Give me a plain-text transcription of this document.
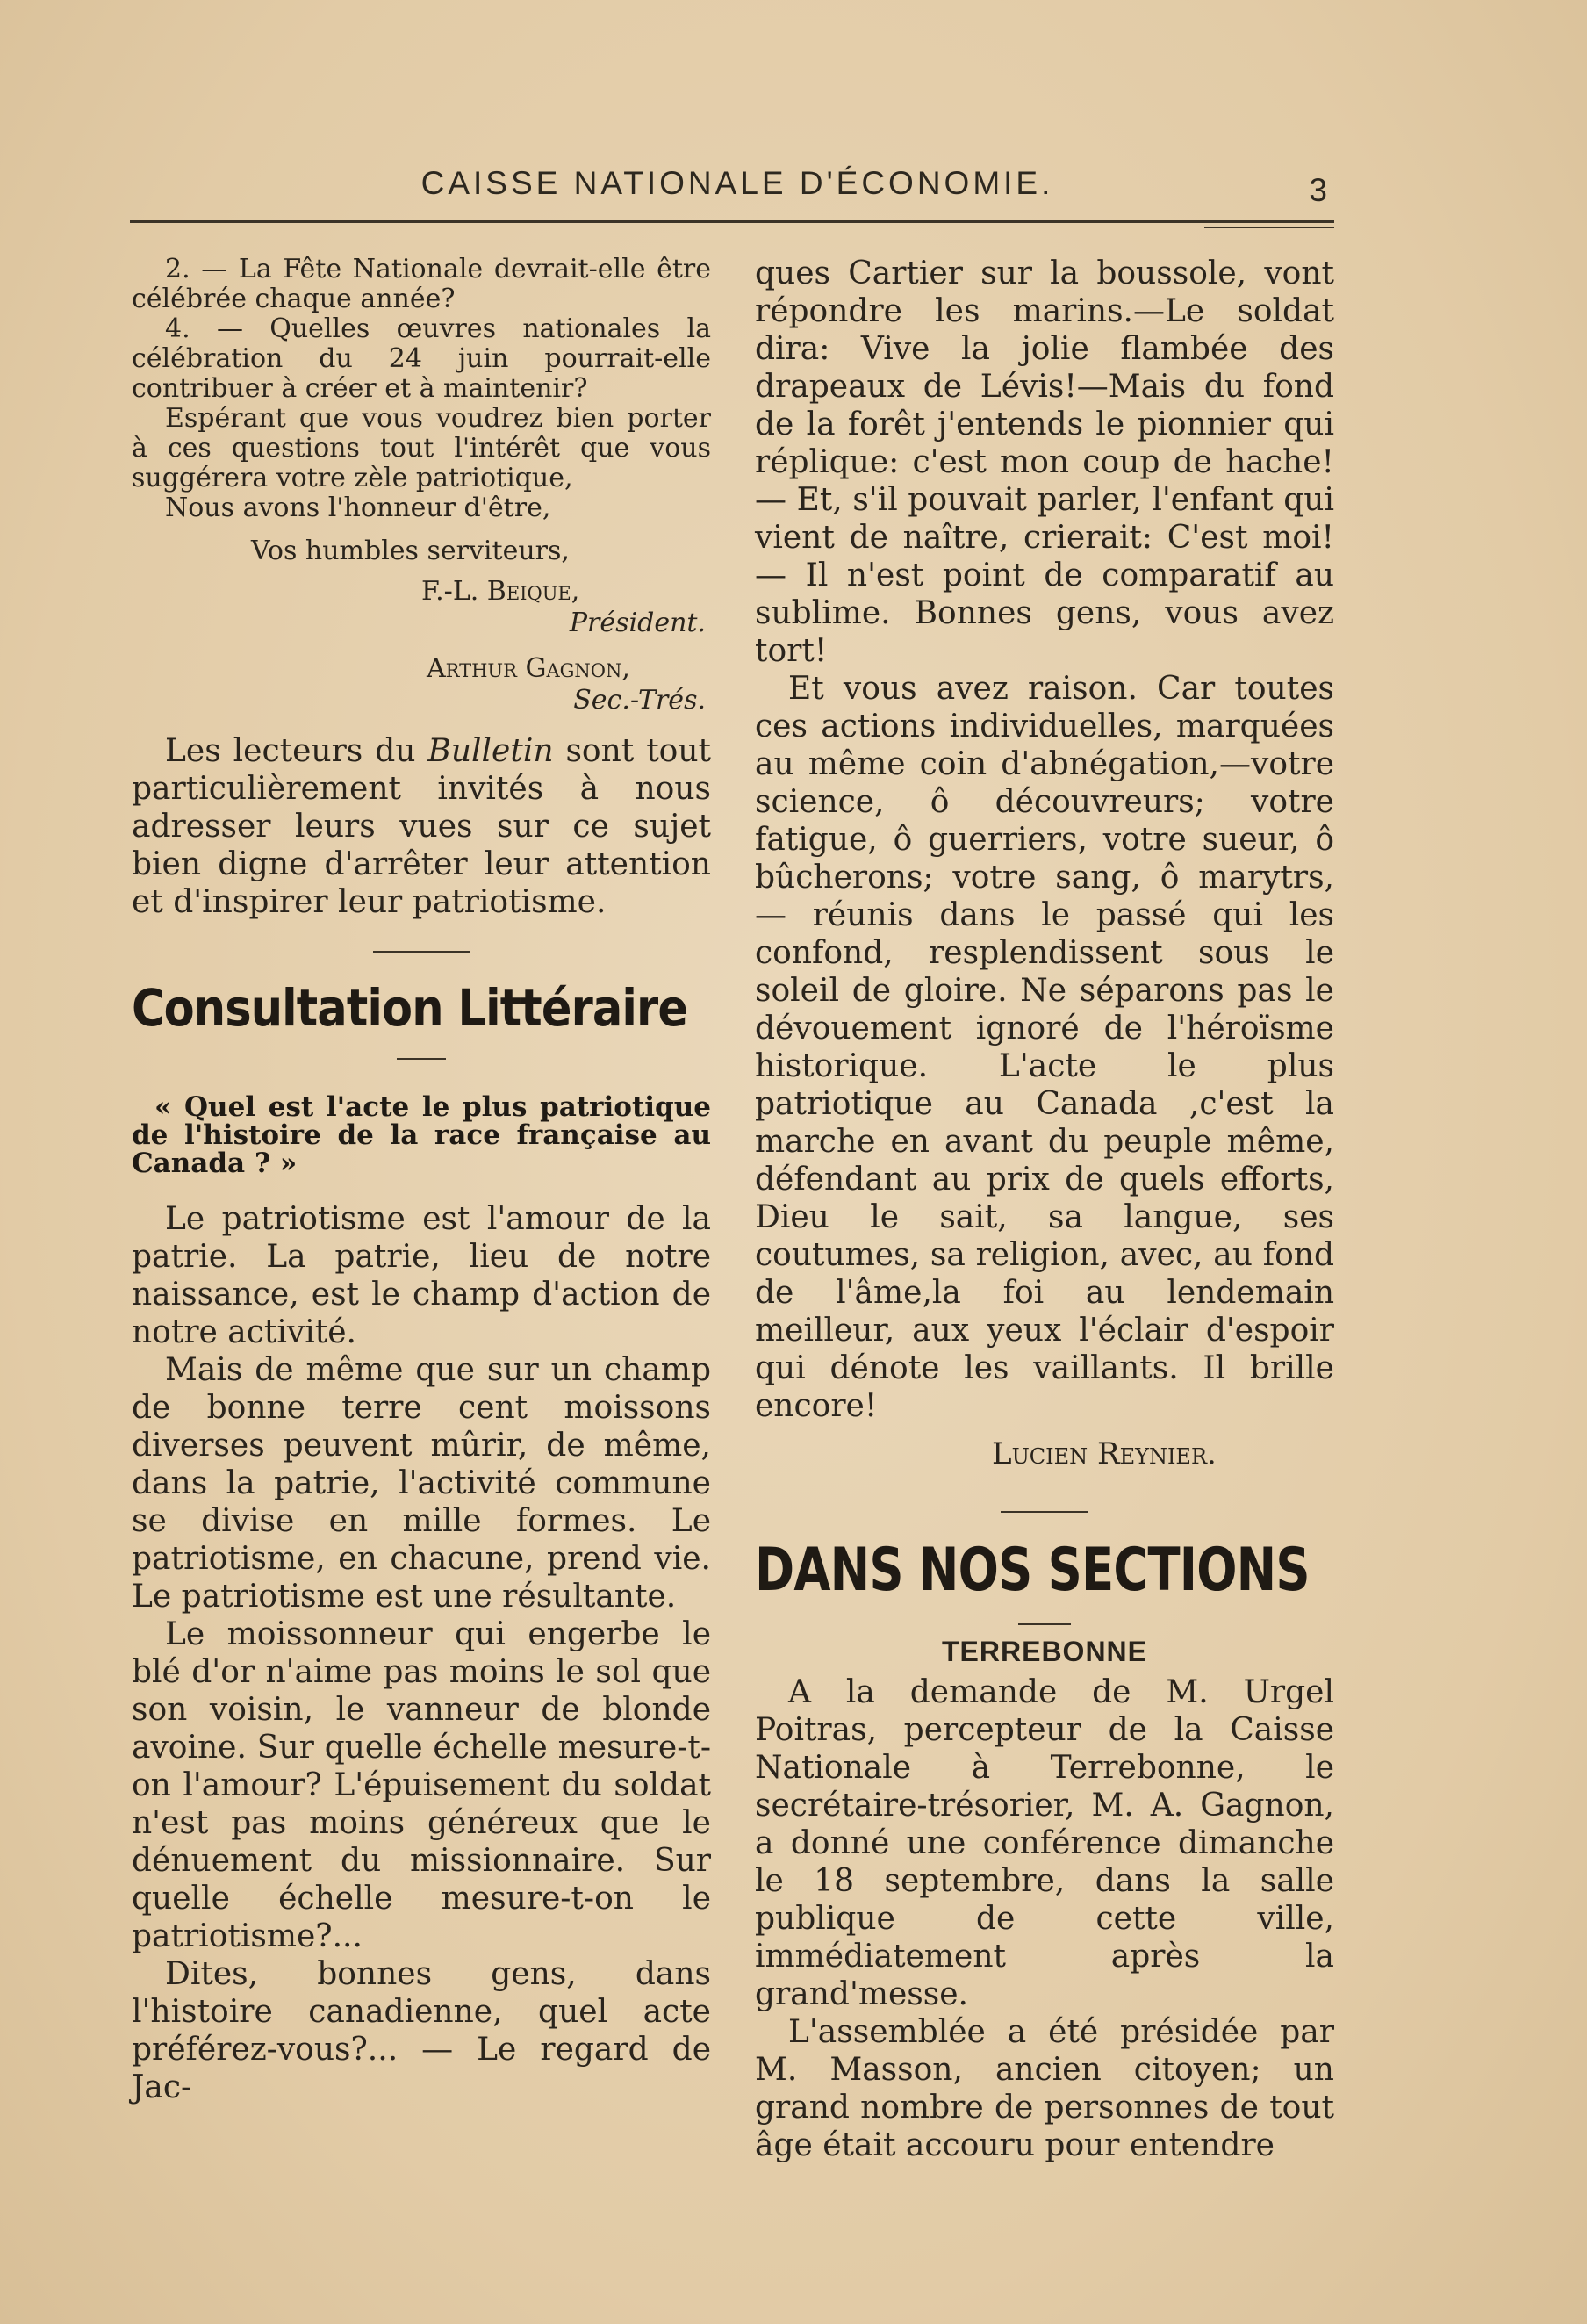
CAISSE NATIONALE D'ÉCONOMIE.	3

2. — La Fête Nationale devrait-elle être célébrée chaque année?

4. — Quelles œuvres nationales la célébration du 24 juin pourrait-elle contribuer à créer et à maintenir?

Espérant que vous voudrez bien porter à ces questions tout l'intérêt que vous suggérera votre zèle patriotique,

Nous avons l'honneur d'être,

Vos humbles serviteurs,
F.-L. Beique,
Président.
Arthur Gagnon,
Sec.-Trés.

Les lecteurs du Bulletin sont tout particulièrement invités à nous adresser leurs vues sur ce sujet bien digne d'arrêter leur attention et d'inspirer leur patriotisme.

Consultation Littéraire
« Quel est l'acte le plus patriotique de l'histoire de la race française au Canada ? »

Le patriotisme est l'amour de la patrie. La patrie, lieu de notre naissance, est le champ d'action de notre activité.

Mais de même que sur un champ de bonne terre cent moissons diverses peuvent mûrir, de même, dans la patrie, l'activité commune se divise en mille formes. Le patriotisme, en chacune, prend vie. Le patriotisme est une résultante.

Le moissonneur qui engerbe le blé d'or n'aime pas moins le sol que son voisin, le vanneur de blonde avoine. Sur quelle échelle mesure-t-on l'amour? L'épuisement du soldat n'est pas moins généreux que le dénuement du missionnaire. Sur quelle échelle mesure-t-on le patriotisme?...

Dites, bonnes gens, dans l'histoire canadienne, quel acte préférez-vous?... — Le regard de Jac-

ques Cartier sur la boussole, vont répondre les marins.—Le soldat dira: Vive la jolie flambée des drapeaux de Lévis!—Mais du fond de la forêt j'entends le pionnier qui réplique: c'est mon coup de hache! — Et, s'il pouvait parler, l'enfant qui vient de naître, crierait: C'est moi! — Il n'est point de comparatif au sublime. Bonnes gens, vous avez tort!

Et vous avez raison. Car toutes ces actions individuelles, marquées au même coin d'abnégation,—votre science, ô découvreurs; votre fatigue, ô guerriers, votre sueur, ô bûcherons; votre sang, ô marytrs, — réunis dans le passé qui les confond, resplendissent sous le soleil de gloire. Ne séparons pas le dévouement ignoré de l'héroïsme historique. L'acte le plus patriotique au Canada ,c'est la marche en avant du peuple même, défendant au prix de quels efforts, Dieu le sait, sa langue, ses coutumes, sa religion, avec, au fond de l'âme,la foi au lendemain meilleur, aux yeux l'éclair d'espoir qui dénote les vaillants. Il brille encore!

Lucien Reynier.
DANS NOS SECTIONS
TERREBONNE

A la demande de M. Urgel Poitras, percepteur de la Caisse Nationale à Terrebonne, le secrétaire-trésorier, M. A. Gagnon, a donné une conférence dimanche le 18 septembre, dans la salle publique de cette ville, immédiatement après la grand'messe.

L'assemblée a été présidée par M. Masson, ancien citoyen; un grand nombre de personnes de tout âge était accouru pour entendre
